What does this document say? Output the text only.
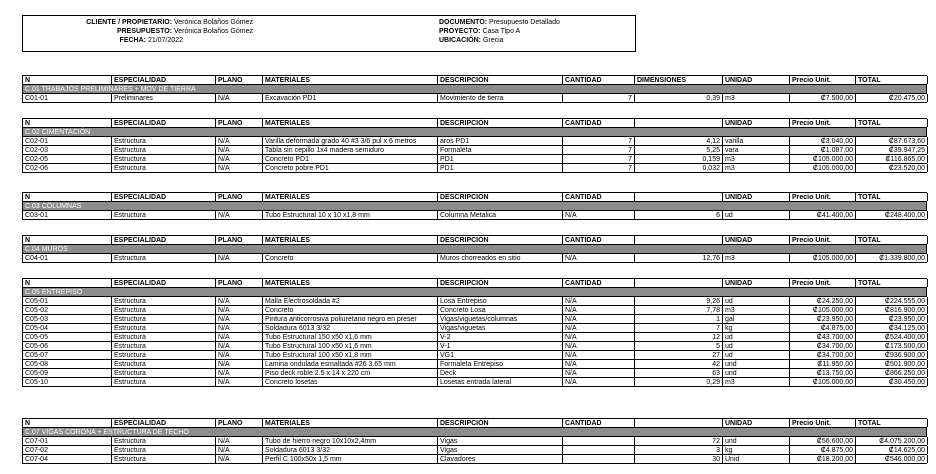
CLIENTE / PROPIETARIO: Verónica Bolaños Gómez
PRESUPUESTO: Verónica Bolaños Gómez
FECHA: 21/07/2022
DOCUMENTO: Presupuesto Detallado
PROYECTO: Casa Tipo A
UBICACIÓN: Grecia
N	ESPECIALIDAD	PLANO	MATERIALES	DESCRIPCIÓN	CANTIDAD	DIMENSIONES	UNIDAD	Precio Unit.	TOTAL
C.01 TRABAJOS PRELIMINARES + MOV DE TIERRA
C01-01	Preliminares	N/A	Excavación PD1	Movimiento de tierra	7	0,39 m3	₡7.500,00	₡20.475,00
N	ESPECIALIDAD	PLANO	MATERIALES	DESCRIPCIÓN	CANTIDAD	UNIDAD	Precio Unit.	TOTAL
C.02 CIMENTACIÓN
C02-01	Estructura	N/A	Varilla deformada grado 40 #3 3/6 pul x 6 metros	aros PD1	7	4,12 varilla	₡3.040,00	₡87.673,60
C02-03	Estructura	N/A	Tabla sin cepillo 1x4 madera semiduro	Formaleta	7	5,25 vara	₡1.087,00	₡39.947,25
C02-05	Estructura	N/A	Concreto PD1	PD1	7	0,159 m3	₡105.000,00	₡116.865,00
C02-06	Estructura	N/A	Concreto pobre PD1	PD1	7	0,032 m3	₡105.000,00	₡23.520,00
N	ESPECIALIDAD	PLANO	MATERIALES	DESCRIPCIÓN	CANTIDAD	UNIDAD	Precio Unit.	TOTAL
C.03 COLUMNAS
C03-01	Estructura	N/A	Tubo Estructural 10 x 10 x1,8 mm	Columna Metalica	N/A	6 ud	₡41.400,00	₡248.400,00
N	ESPECIALIDAD	PLANO	MATERIALES	DESCRIPCIÓN	CANTIDAD	UNIDAD	Precio Unit.	TOTAL
C.04 MUROS
C04-01	Estructura	N/A	Concreto	Muros chorreados en sitio	N/A	12,76 m3	₡105.000,00	₡1.339.800,00
N	ESPECIALIDAD	PLANO	MATERIALES	DESCRIPCIÓN	CANTIDAD	UNIDAD	Precio Unit.	TOTAL
C.05 ENTREPISO
C05-01	Estructura	N/A	Malla Electrosoldada #2	Losa Entrepiso	N/A	9,26 ud	₡24.250,00	₡224.555,00
C05-02	Estructura	N/A	Concreto	Concreto Losa	N/A	7,78 m3	₡105.000,00	₡816.900,00
C05-03	Estructura	N/A	Pintura anticorrosiva poliuretano negro en preser	Vigas/viguetas/columnas	N/A	1 gal	₡23.950,00	₡23.950,00
C05-04	Estructura	N/A	Soldadura 6013 3/32	Vigas/viguetas	N/A	7 kg	₡4.875,00	₡34.125,00
C05-05	Estructura	N/A	Tubo Estructural 150 x50 x1,6 mm	V-2	N/A	12 ud	₡43.700,00	₡524.400,00
C05-06	Estructura	N/A	Tubo Estructural 100 x50 x1,6 mm	V-1	N/A	5 ud	₡34.700,00	₡173.500,00
C05-07	Estructura	N/A	Tubo Estructural 100 x50 x1,8 mm	VG1	N/A	27 ud	₡34.700,00	₡936.900,00
C05-08	Estructura	N/A	Lamina ondulada esmaltada #26 3.65 mm	Formaleta Entrepiso	N/A	42 und	₡11.950,00	₡501.900,00
C05-09	Estructura	N/A	Piso deck roble 2.5 x 14 x 220 cm	Deck	N/A	63 und	₡13.750,00	₡866.250,00
C05-10	Estructura	N/A	Concreto losetas	Losetas entrada lateral	N/A	0,29 m3	₡105.000,00	₡30.450,00
N	ESPECIALIDAD	PLANO	MATERIALES	DESCRIPCIÓN	CANTIDAD	UNIDAD	Precio Unit.	TOTAL
C.07 VIGAS CORONA + ESTRUCTURA DE TECHO
C07-01	Estructura	N/A	Tubo de hierro negro 10x10x2,4mm	Vigas	72 und	₡56.600,00	₡4.075.200,00
C07-02	Estructura	N/A	Soldadura 6013 3/32	Vigas	3 kg	₡4.875,00	₡14.625,00
C07-04	Estructura	N/A	Perfil C 100x50x 1,5 mm	Clavadores	30 Unid	₡18.200,00	₡546.000,00
